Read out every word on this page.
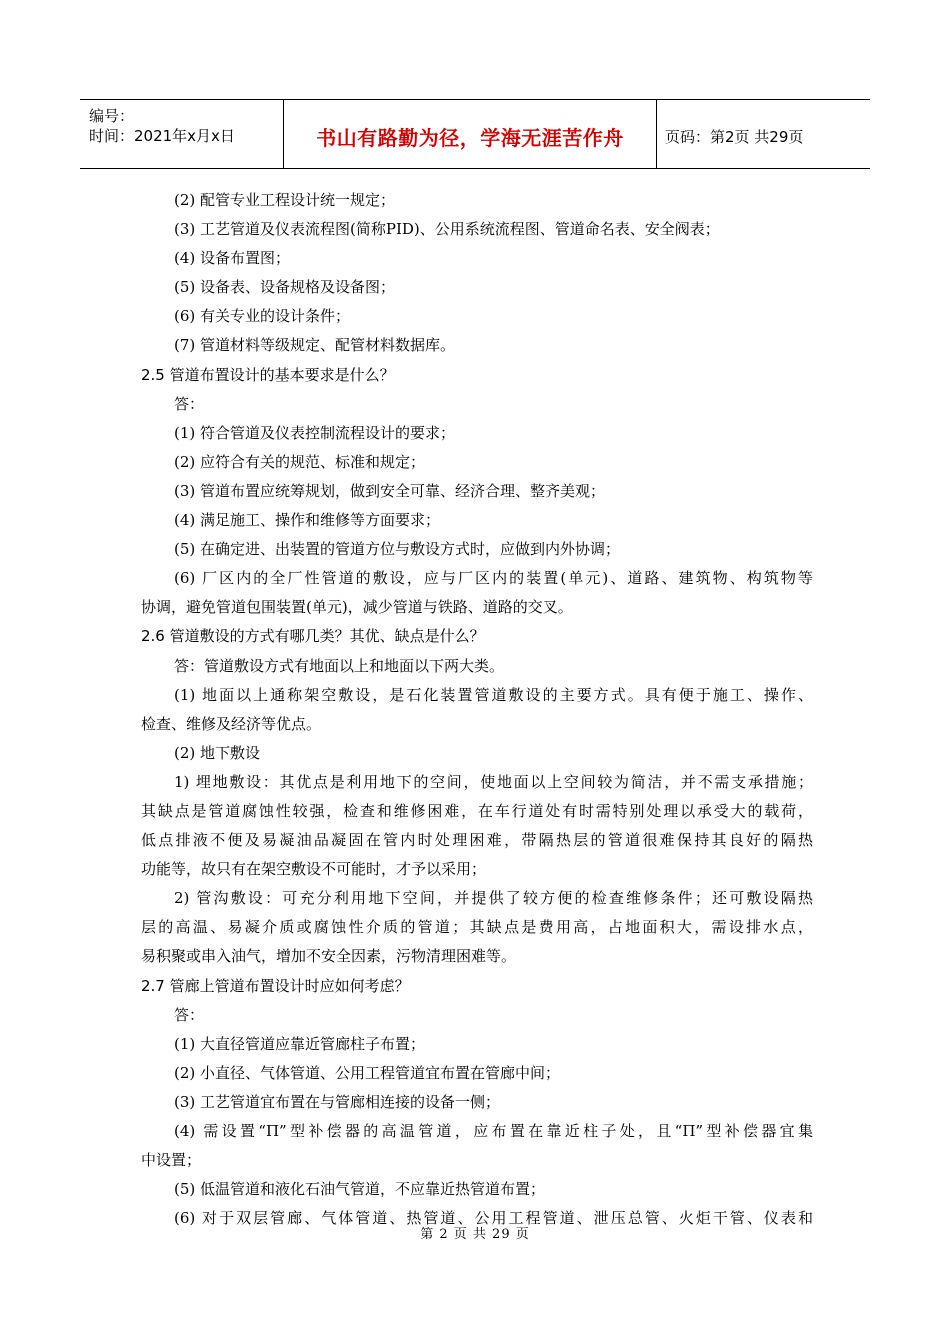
编号：
时间：2021年x月x日	书山有路勤为径，学海无涯苦作舟	页码：第2页 共29页
(2) 配管专业工程设计统一规定；
(3) 工艺管道及仪表流程图(简称PID)、公用系统流程图、管道命名表、安全阀表；
(4) 设备布置图；
(5) 设备表、设备规格及设备图；
(6) 有关专业的设计条件；
(7) 管道材料等级规定、配管材料数据库。
2.5 管道布置设计的基本要求是什么？
答：
(1) 符合管道及仪表控制流程设计的要求；
(2) 应符合有关的规范、标准和规定；
(3) 管道布置应统筹规划，做到安全可靠、经济合理、整齐美观；
(4) 满足施工、操作和维修等方面要求；
(5) 在确定进、出装置的管道方位与敷设方式时，应做到内外协调；
(6) 厂区内的全厂性管道的敷设，应与厂区内的装置(单元)、道路、建筑物、构筑物等
协调，避免管道包围装置(单元)，减少管道与铁路、道路的交叉。
2.6 管道敷设的方式有哪几类？其优、缺点是什么？
答：管道敷设方式有地面以上和地面以下两大类。
(1) 地面以上通称架空敷设，是石化装置管道敷设的主要方式。具有便于施工、操作、
检查、维修及经济等优点。
(2) 地下敷设
1) 埋地敷设：其优点是利用地下的空间，使地面以上空间较为简洁，并不需支承措施；
其缺点是管道腐蚀性较强，检查和维修困难，在车行道处有时需特别处理以承受大的载荷，
低点排液不便及易凝油品凝固在管内时处理困难，带隔热层的管道很难保持其良好的隔热
功能等，故只有在架空敷设不可能时，才予以采用；
2) 管沟敷设：可充分利用地下空间，并提供了较方便的检查维修条件；还可敷设隔热
层的高温、易凝介质或腐蚀性介质的管道；其缺点是费用高，占地面积大，需设排水点，
易积聚或串入油气，增加不安全因素，污物清理困难等。
2.7 管廊上管道布置设计时应如何考虑？
答：
(1) 大直径管道应靠近管廊柱子布置；
(2) 小直径、气体管道、公用工程管道宜布置在管廊中间；
(3) 工艺管道宜布置在与管廊相连接的设备一侧；
(4) 需设置“Π”型补偿器的高温管道，应布置在靠近柱子处，且“Π”型补偿器宜集
中设置；
(5) 低温管道和液化石油气管道，不应靠近热管道布置；
(6) 对于双层管廊、气体管道、热管道、公用工程管道、泄压总管、火炬干管、仪表和
第 2 页 共 29 页
